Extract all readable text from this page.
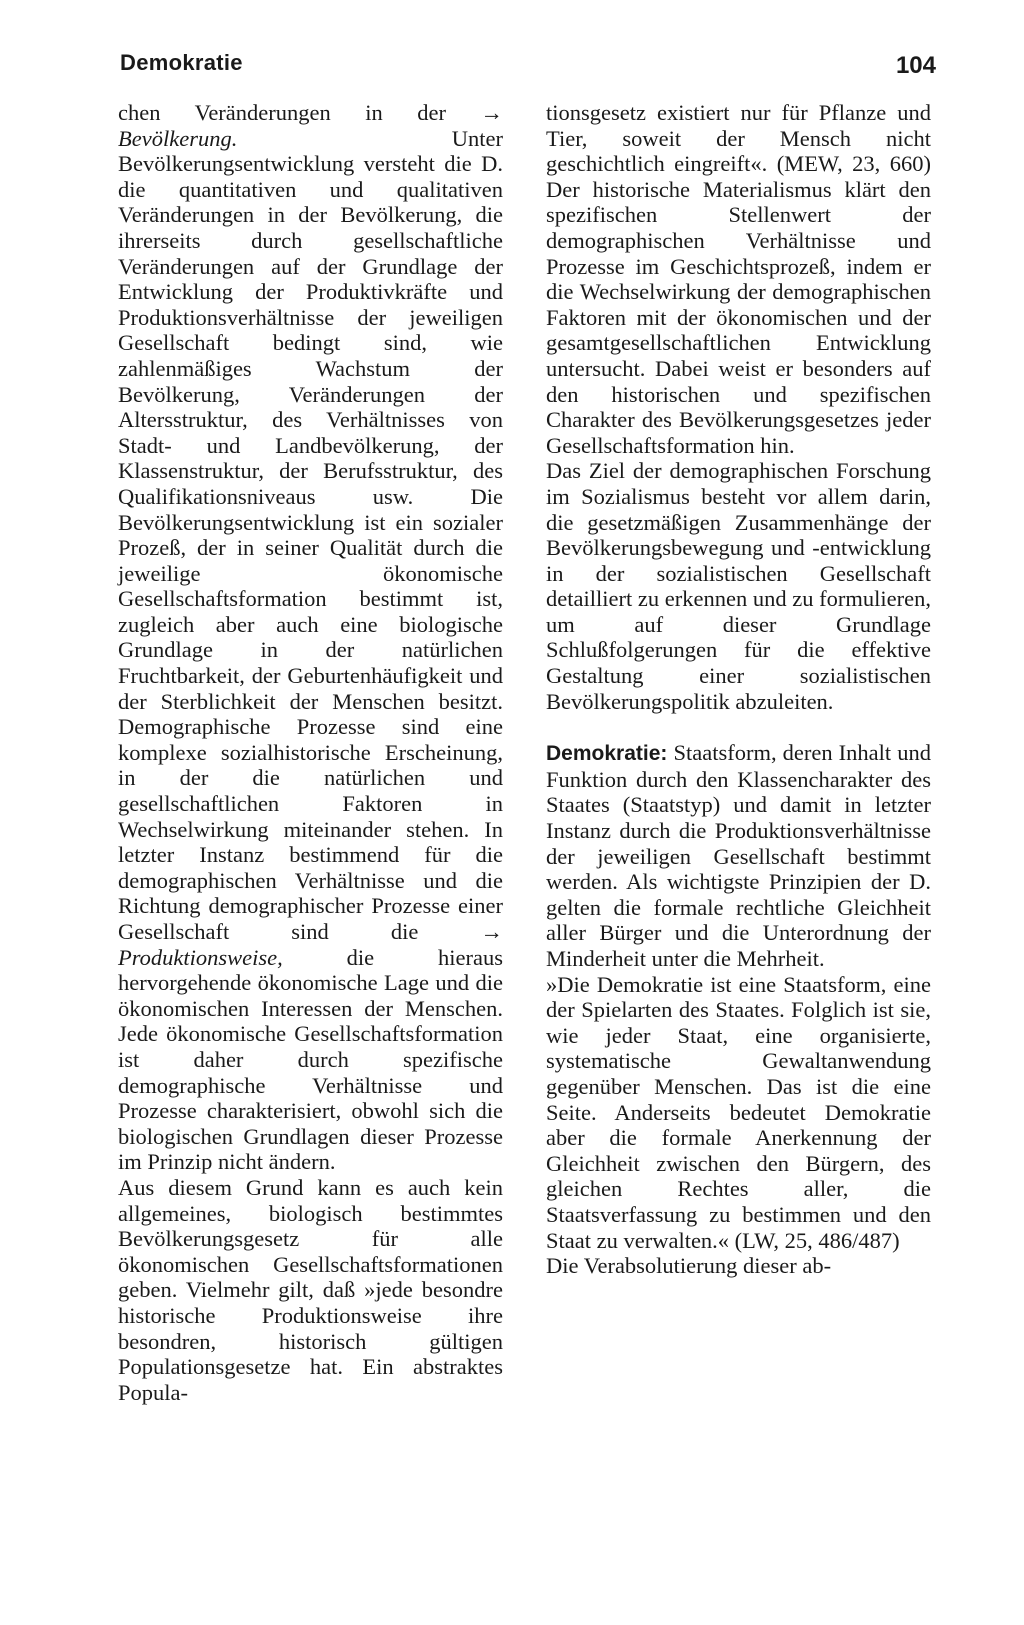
Demokratie	104

chen Veränderungen in der → Bevölkerung. Unter Bevölkerungsentwicklung versteht die D. die quantitativen und qualitativen Veränderungen in der Bevölkerung, die ihrerseits durch gesellschaftliche Veränderungen auf der Grundlage der Entwicklung der Produktivkräfte und Produktionsverhältnisse der jeweiligen Gesellschaft bedingt sind, wie zahlenmäßiges Wachstum der Bevölkerung, Veränderungen der Altersstruktur, des Verhältnisses von Stadt- und Landbevölkerung, der Klassenstruktur, der Berufsstruktur, des Qualifikationsniveaus usw. Die Bevölkerungsentwicklung ist ein sozialer Prozeß, der in seiner Qualität durch die jeweilige ökonomische Gesellschaftsformation bestimmt ist, zugleich aber auch eine biologische Grundlage in der natürlichen Fruchtbarkeit, der Geburtenhäufigkeit und der Sterblichkeit der Menschen besitzt. Demographische Prozesse sind eine komplexe sozialhistorische Erscheinung, in der die natürlichen und gesellschaftlichen Faktoren in Wechselwirkung miteinander stehen. In letzter Instanz bestimmend für die demographischen Verhältnisse und die Richtung demographischer Prozesse einer Gesellschaft sind die → Produktionsweise, die hieraus hervorgehende ökonomische Lage und die ökonomischen Interessen der Menschen. Jede ökonomische Gesellschaftsformation ist daher durch spezifische demographische Verhältnisse und Prozesse charakterisiert, obwohl sich die biologischen Grundlagen dieser Prozesse im Prinzip nicht ändern.

Aus diesem Grund kann es auch kein allgemeines, biologisch bestimmtes Bevölkerungsgesetz für alle ökonomischen Gesellschaftsformationen geben. Vielmehr gilt, daß »jede besondre historische Produktionsweise ihre besondren, historisch gültigen Populationsgesetze hat. Ein abstraktes Popula-

tionsgesetz existiert nur für Pflanze und Tier, soweit der Mensch nicht geschichtlich eingreift«. (MEW, 23, 660) Der historische Materialismus klärt den spezifischen Stellenwert der demographischen Verhältnisse und Prozesse im Geschichtsprozeß, indem er die Wechselwirkung der demographischen Faktoren mit der ökonomischen und der gesamtgesellschaftlichen Entwicklung untersucht. Dabei weist er besonders auf den historischen und spezifischen Charakter des Bevölkerungsgesetzes jeder Gesellschaftsformation hin.

Das Ziel der demographischen Forschung im Sozialismus besteht vor allem darin, die gesetzmäßigen Zusammenhänge der Bevölkerungsbewegung und -entwicklung in der sozialistischen Gesellschaft detailliert zu erkennen und zu formulieren, um auf dieser Grundlage Schlußfolgerungen für die effektive Gestaltung einer sozialistischen Bevölkerungspolitik abzuleiten.

Demokratie: Staatsform, deren Inhalt und Funktion durch den Klassencharakter des Staates (Staatstyp) und damit in letzter Instanz durch die Produktionsverhältnisse der jeweiligen Gesellschaft bestimmt werden. Als wichtigste Prinzipien der D. gelten die formale rechtliche Gleichheit aller Bürger und die Unterordnung der Minderheit unter die Mehrheit.

»Die Demokratie ist eine Staatsform, eine der Spielarten des Staates. Folglich ist sie, wie jeder Staat, eine organisierte, systematische Gewaltanwendung gegenüber Menschen. Das ist die eine Seite. Anderseits bedeutet Demokratie aber die formale Anerkennung der Gleichheit zwischen den Bürgern, des gleichen Rechtes aller, die Staatsverfassung zu bestimmen und den Staat zu verwalten.« (LW, 25, 486/487)

Die Verabsolutierung dieser ab-
